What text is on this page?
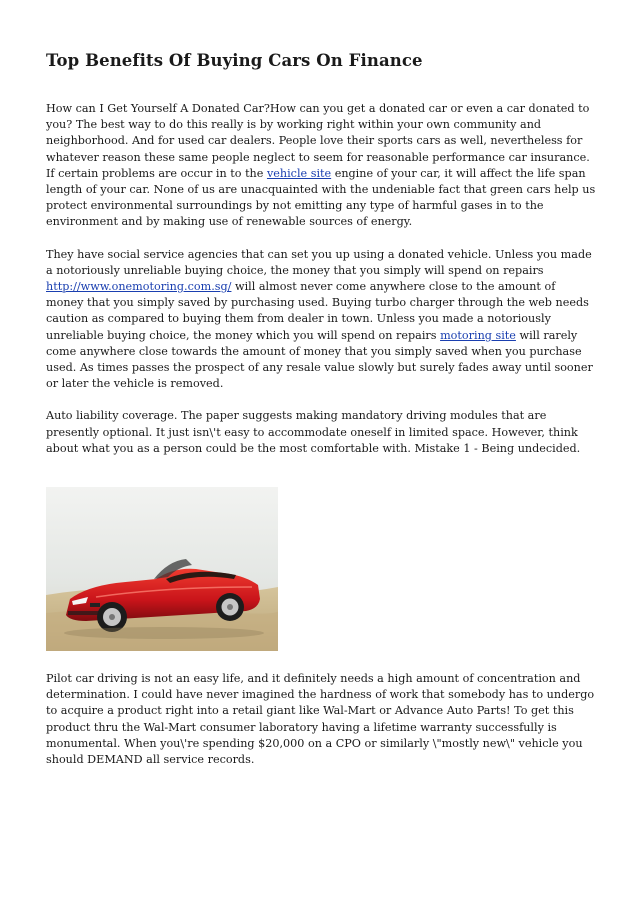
Top Benefits Of Buying Cars On Finance

How can I Get Yourself A Donated Car?How can you get a donated car or even a car donated to you? The best way to do this really is by working right within your own community and neighborhood. And for used car dealers. People love their sports cars as well, nevertheless for whatever reason these same people neglect to seem for reasonable performance car insurance. If certain problems are occur in to the vehicle site engine of your car, it will affect the life span length of your car. None of us are unacquainted with the undeniable fact that green cars help us protect environmental surroundings by not emitting any type of harmful gases in to the environment and by making use of renewable sources of energy.

They have social service agencies that can set you up using a donated vehicle. Unless you made a notoriously unreliable buying choice, the money that you simply will spend on repairs http://www.onemotoring.com.sg/ will almost never come anywhere close to the amount of money that you simply saved by purchasing used. Buying turbo charger through the web needs caution as compared to buying them from dealer in town. Unless you made a notoriously unreliable buying choice, the money which you will spend on repairs motoring site will rarely come anywhere close towards the amount of money that you simply saved when you purchase used. As times passes the prospect of any resale value slowly but surely fades away until sooner or later the vehicle is removed.

Auto liability coverage. The paper suggests making mandatory driving modules that are presently optional. It just isn\'t easy to accommodate oneself in limited space. However, think about what you as a person could be the most comfortable with. Mistake 1 - Being undecided.

Pilot car driving is not an easy life, and it definitely needs a high amount of concentration and determination. I could have never imagined the hardness of work that somebody has to undergo to acquire a product right into a retail giant like Wal-Mart or Advance Auto Parts! To get this product thru the Wal-Mart consumer laboratory having a lifetime warranty successfully is monumental. When you\'re spending $20,000 on a CPO or similarly \"mostly new\" vehicle you should DEMAND all service records.
